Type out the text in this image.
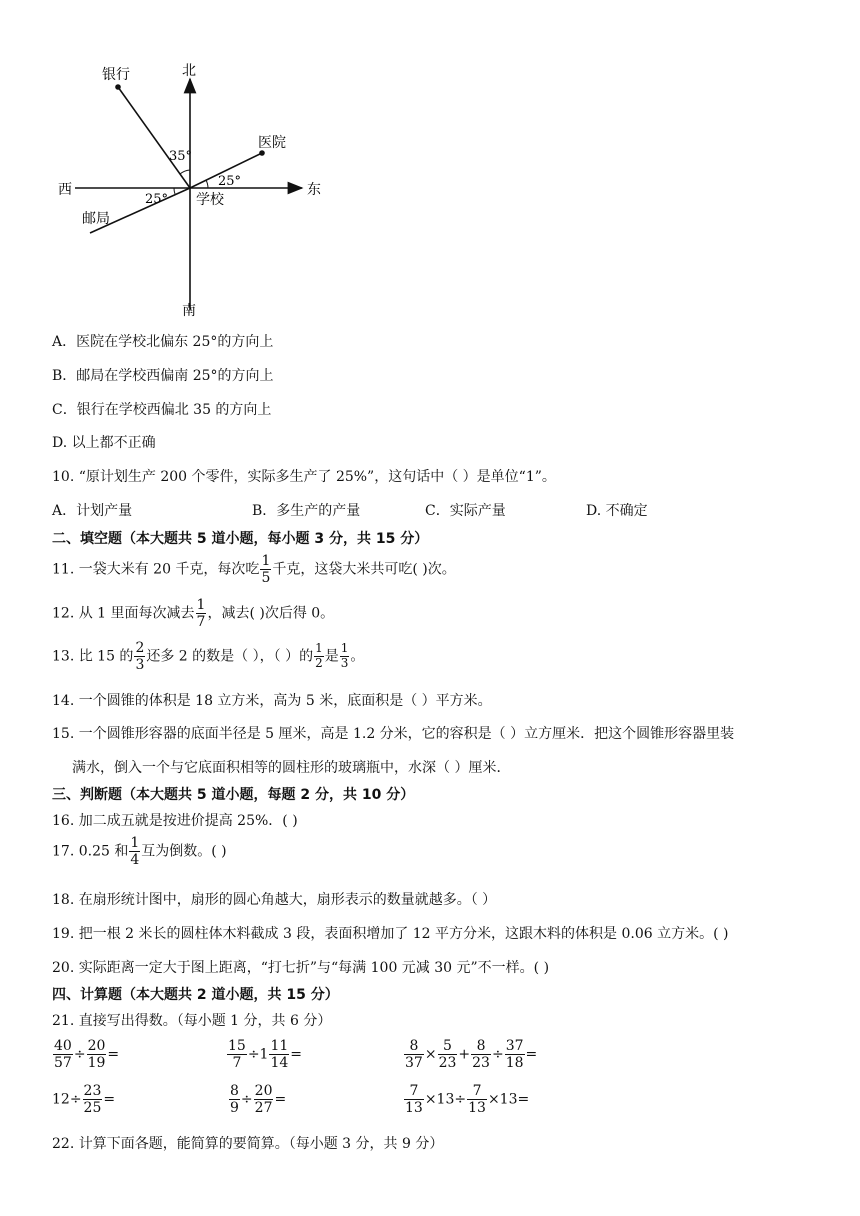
北
南
东
西
银行
医院
邮局
学校
35°
25°
25°
A．医院在学校北偏东 25°的方向上
B．邮局在学校西偏南 25°的方向上
C．银行在学校西偏北 35 的方向上
D. 以上都不正确
10. “原计划生产 200 个零件，实际多生产了 25%”，这句话中（ ）是单位“1”。
A．计划产量	B．多生产的产量	C．实际产量	D. 不确定
二、填空题（本大题共 5 道小题，每小题 3 分，共 15 分）
11. 一袋大米有 20 千克，每次吃 $\frac{1}{5}$ 千克，这袋大米共可吃( )次。
12. 从 1 里面每次减去 $\frac{1}{7}$ ，减去( )次后得 0。
13. 比 15 的 $\frac{2}{3}$ 还多 2 的数是（ ），（ ）的 $\frac{1}{2}$ 是 $\frac{1}{3}$ 。
14. 一个圆锥的体积是 18 立方米，高为 5 米，底面积是（ ）平方米。
15. 一个圆锥形容器的底面半径是 5 厘米，高是 1.2 分米，它的容积是（ ）立方厘米．把这个圆锥形容器里装
满水，倒入一个与它底面积相等的圆柱形的玻璃瓶中，水深（ ）厘米．
三、判断题（本大题共 5 道小题，每题 2 分，共 10 分）
16. 加二成五就是按进价提高 25%．( )
17. 0.25 和 $\frac{1}{4}$ 互为倒数。( )
18. 在扇形统计图中，扇形的圆心角越大，扇形表示的数量就越多。（ ）
19. 把一根 2 米长的圆柱体木料截成 3 段，表面积增加了 12 平方分米，这跟木料的体积是 0.06 立方米。( )
20. 实际距离一定大于图上距离，“打七折”与“每满 100 元减 30 元”不一样。( )
四、计算题（本大题共 2 道小题，共 15 分）
21. 直接写出得数。（每小题 1 分，共 6 分）
$\frac{40}{57} \div \frac{20}{19}$ =	$\frac{15}{7} \div 1 \frac{11}{14}$ =	$\frac{8}{37} \times \frac{5}{23} + \frac{8}{23} \div \frac{37}{18}$ =
$12\div \frac{23}{25}$ =	$\frac{8}{9} \div \frac{20}{27}$ =	$\frac{7}{13} \times 13\div \frac{7}{13} \times 13=$
22. 计算下面各题，能简算的要简算。（每小题 3 分，共 9 分）
